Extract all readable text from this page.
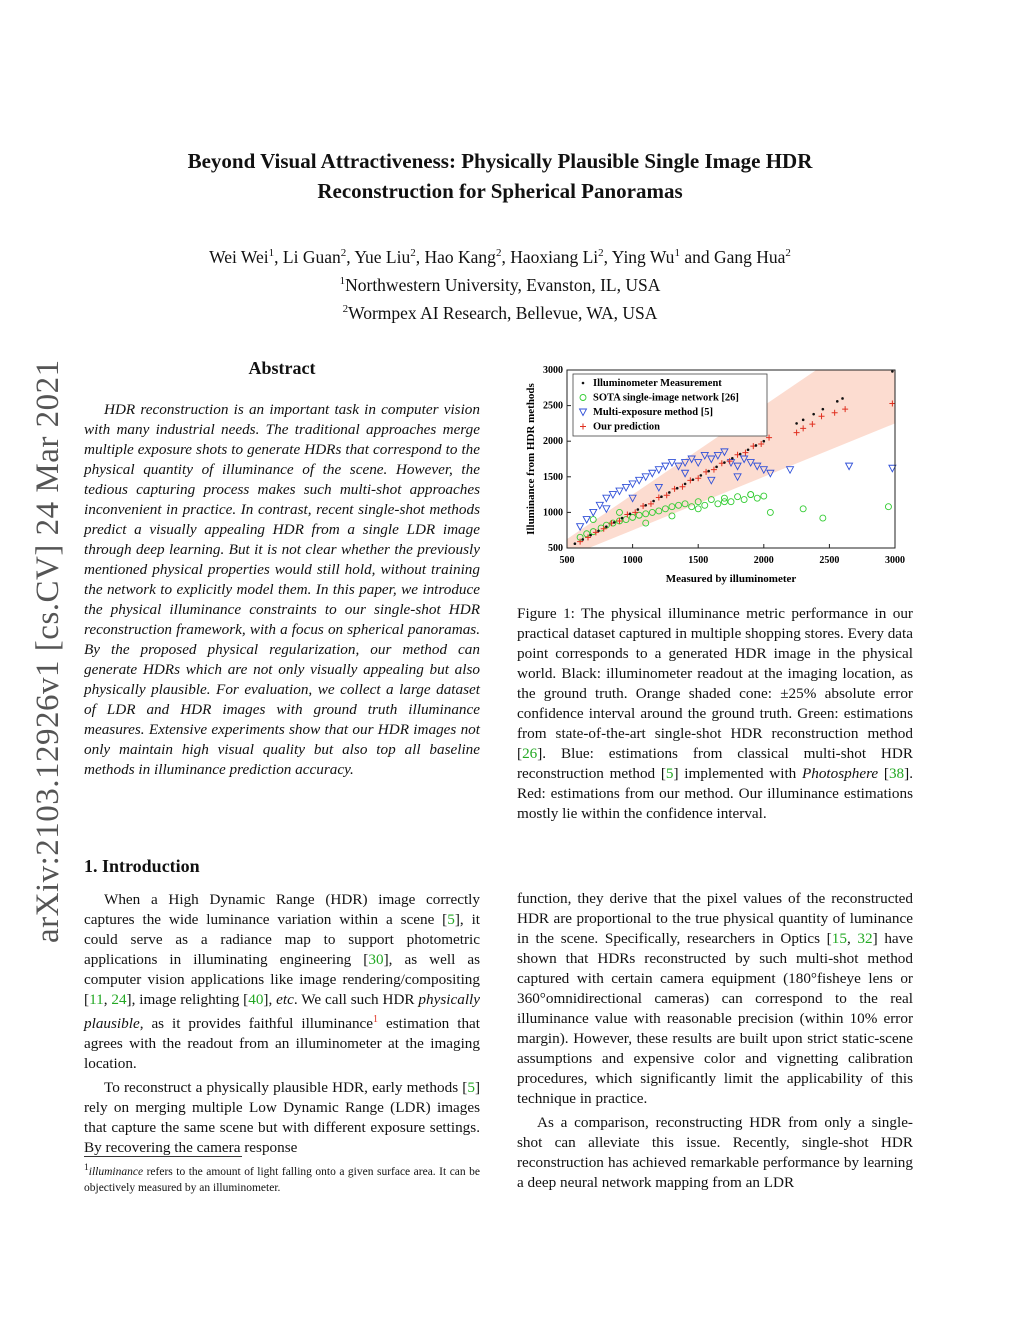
arXiv:2103.12926v1 [cs.CV] 24 Mar 2021
Beyond Visual Attractiveness: Physically Plausible Single Image HDR
Reconstruction for Spherical Panoramas
Wei Wei$^1$, Li Guan$^2$, Yue Liu$^2$, Hao Kang$^2$, Haoxiang Li$^2$, Ying Wu$^1$ and Gang Hua$^2$
$^1$Northwestern University, Evanston, IL, USA
$^2$Wormpex AI Research, Bellevue, WA, USA
Abstract

HDR reconstruction is an important task in computer vision with many industrial needs. The traditional approaches merge multiple exposure shots to generate HDRs that correspond to the physical quantity of illuminance of the scene. However, the tedious capturing process makes such multi-shot approaches inconvenient in practice. In contrast, recent single-shot methods predict a visually appealing HDR from a single LDR image through deep learning. But it is not clear whether the previously mentioned physical properties would still hold, without training the network to explicitly model them. In this paper, we introduce the physical illuminance constraints to our single-shot HDR reconstruction framework, with a focus on spherical panoramas. By the proposed physical regularization, our method can generate HDRs which are not only visually appealing but also physically plausible. For evaluation, we collect a large dataset of LDR and HDR images with ground truth illuminance measures. Extensive experiments show that our HDR images not only maintain high visual quality but also top all baseline methods in illuminance prediction accuracy.

1. Introduction

When a High Dynamic Range (HDR) image correctly captures the wide luminance variation within a scene [5], it could serve as a radiance map to support photometric applications in illuminating engineering [30], as well as computer vision applications like image rendering/compositing [11, 24], image relighting [40], etc. We call such HDR physically plausible, as it provides faithful illuminance$^1$ estimation that agrees with the readout from an illuminometer at the imaging location.

To reconstruct a physically plausible HDR, early methods [5] rely on merging multiple Low Dynamic Range (LDR) images that capture the same scene but with different exposure settings. By recovering the camera response

$^1$illuminance refers to the amount of light falling onto a given surface area. It can be objectively measured by an illuminometer.
500	1000	1500	2000	2500	3000
500
1000
1500
2000
2500
3000
Measured by illuminometer
Illuminance from HDR methods	Illuminometer Measurement
SOTA single-image network [26]
Multi-exposure method [5]
Our prediction
Figure 1: The physical illuminance metric performance in our practical dataset captured in multiple shopping stores. Every data point corresponds to a generated HDR image in the physical world. Black: illuminometer readout at the imaging location, as the ground truth. Orange shaded cone: ±25% absolute error confidence interval around the ground truth. Green: estimations from state-of-the-art single-shot HDR reconstruction method [26]. Blue: estimations from classical multi-shot HDR reconstruction method [5] implemented with Photosphere [38]. Red: estimations from our method. Our illuminance estimations mostly lie within the confidence interval.

function, they derive that the pixel values of the reconstructed HDR are proportional to the true physical quantity of luminance in the scene. Specifically, researchers in Optics [15, 32] have shown that HDRs reconstructed by such multi-shot method captured with certain camera equipment (180°fisheye lens or 360°omnidirectional cameras) can correspond to the real illuminance value with reasonable precision (within 10% error margin). However, these results are built upon strict static-scene assumptions and expensive color and vignetting calibration procedures, which significantly limit the applicability of this technique in practice.

As a comparison, reconstructing HDR from only a single-shot can alleviate this issue. Recently, single-shot HDR reconstruction has achieved remarkable performance by learning a deep neural network mapping from an LDR
